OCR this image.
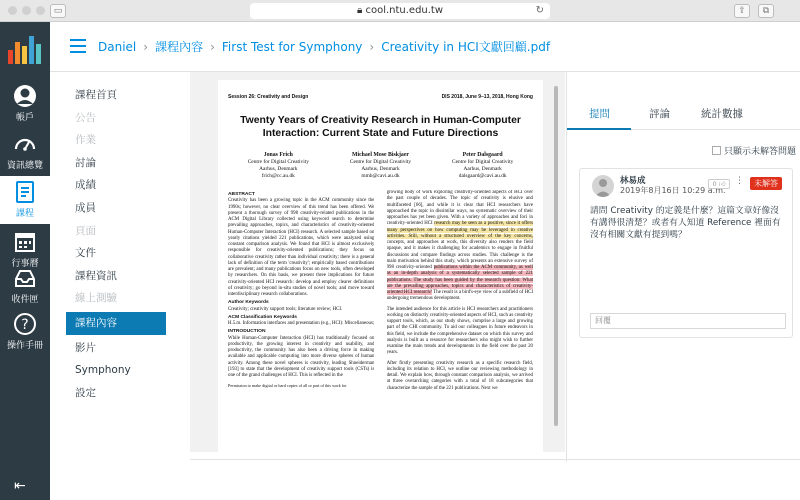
▭	🔒︎ cool.ntu.edu.tw	↻	⇪	⧉
帳戶
資訊總覽
課程
行事曆
收件匣
?
操作手冊
⇤
Daniel › 課程內容 › First Test for Symphony › Creativity in HCI文獻回顧.pdf
課程首頁
公告
作業
討論
成績
成員
頁面
文件
課程資訊
線上測驗
課程內容
影片
Symphony
設定
Session 26: Creativity and Design	DIS 2018, June 9–13, 2018, Hong Kong
Twenty Years of Creativity Research in Human-Computer Interaction: Current State and Future Directions
Jonas Frich
Centre for Digital Creativity
Aarhus, Denmark
frich@cc.au.dk
Michael Mose Biskjaer
Centre for Digital Creativity
Aarhus, Denmark
mmb@cavi.au.dk
Peter Dalsgaard
Centre for Digital Creativity
Aarhus, Denmark
dalsgaard@cavi.au.dk
ABSTRACT
Creativity has been a growing topic in the ACM community since the 1990s; however, no clear overview of this trend has been offered. We present a thorough survey of 998 creativity-related publications in the ACM Digital Library collected using keyword search to determine prevailing approaches, topics, and characteristics of creativity-oriented Human-Computer Interaction (HCI) research. A selected sample based on yearly citations yielded 221 publications, which were analyzed using constant comparison analysis. We found that HCI is almost exclusively responsible for creativity-oriented publications; they focus on collaborative creativity rather than individual creativity; there is a general lack of definition of the term 'creativity'; empirically based contributions are prevalent; and many publications focus on new tools, often developed by researchers. On this basis, we present three implications for future creativity-oriented HCI research: develop and employ clearer definitions of creativity; go beyond in-situ studies of novel tools; and move toward interdisciplinary research collaborations.
Author Keywords
Creativity; creativity support tools; literature review; HCI.
ACM Classification Keywords
H.5.m. Information interfaces and presentation (e.g., HCI): Miscellaneous;
INTRODUCTION
While Human-Computer Interaction (HCI) has traditionally focused on productivity, the growing interest in creativity and usability, and productivity, the community has also been a driving force in making available and applicable computing into more diverse spheres of human activity. Among these novel spheres is creativity, leading Shneiderman [193] to state that the development of creativity support tools (CSTs) is one of the grand challenges of HCI. This is reflected in the
Permission to make digital or hard copies of all or part of this work for
growing body of work exploring creativity-oriented aspects of HCI over the past couple of decades. The topic of creativity is elusive and multifaceted [66], and while it is clear that HCI researchers have approached the topic in dissimilar ways, no systematic overview of their approaches has yet been given. With a variety of approaches and foci in creativity-oriented HCI research may be seen as a positive, since it offers many perspectives on how computing may be leveraged in creative activities. Still, without a structured overview of the key concerns, concepts, and approaches at work, this diversity also renders the field opaque, and it makes it challenging for academics to engage in fruitful discussions and compare findings across studies. This challenge is the main motivation behind this study, which presents an extensive survey of 998 creativity-oriented publications within the ACM community, as well as an in-depth analysis of a systematically selected sample of 221 publications. The study has been guided by the research question: What are the prevailing approaches, topics and characteristics of creativity-oriented HCI research? The result is a bird's-eye view of a subfield of HCI undergoing tremendous development.
The intended audience for this article is HCI researchers and practitioners working on distinctly creativity-oriented aspects of HCI, such as creativity support tools, which, as our study shows, comprise a large and growing part of the CHI community. To aid our colleagues in future endeavors in this field, we include the comprehensive dataset on which this survey and analysis is built as a resource for researchers who might wish to further examine the main trends and developments in the field over the past 20 years.
After firstly presenting creativity research as a specific research field, including its relation to HCI, we outline our reviewing methodology in detail. We explain how, through constant comparison analysis, we arrived at three overarching categories with a total of 18 subcategories that characterize the sample of the 221 publications. Next we
提問	評論	統計數據
只顯示未解答問題
林易成
2019年8月16日 10:29 a.m.
0 👍︎	⋮	未解答
請問 Creativity 的定義是什麼？這篇文章好像沒有講得很清楚？或者有人知道 Reference 裡面有沒有相關文獻有提到嗎？
回覆
